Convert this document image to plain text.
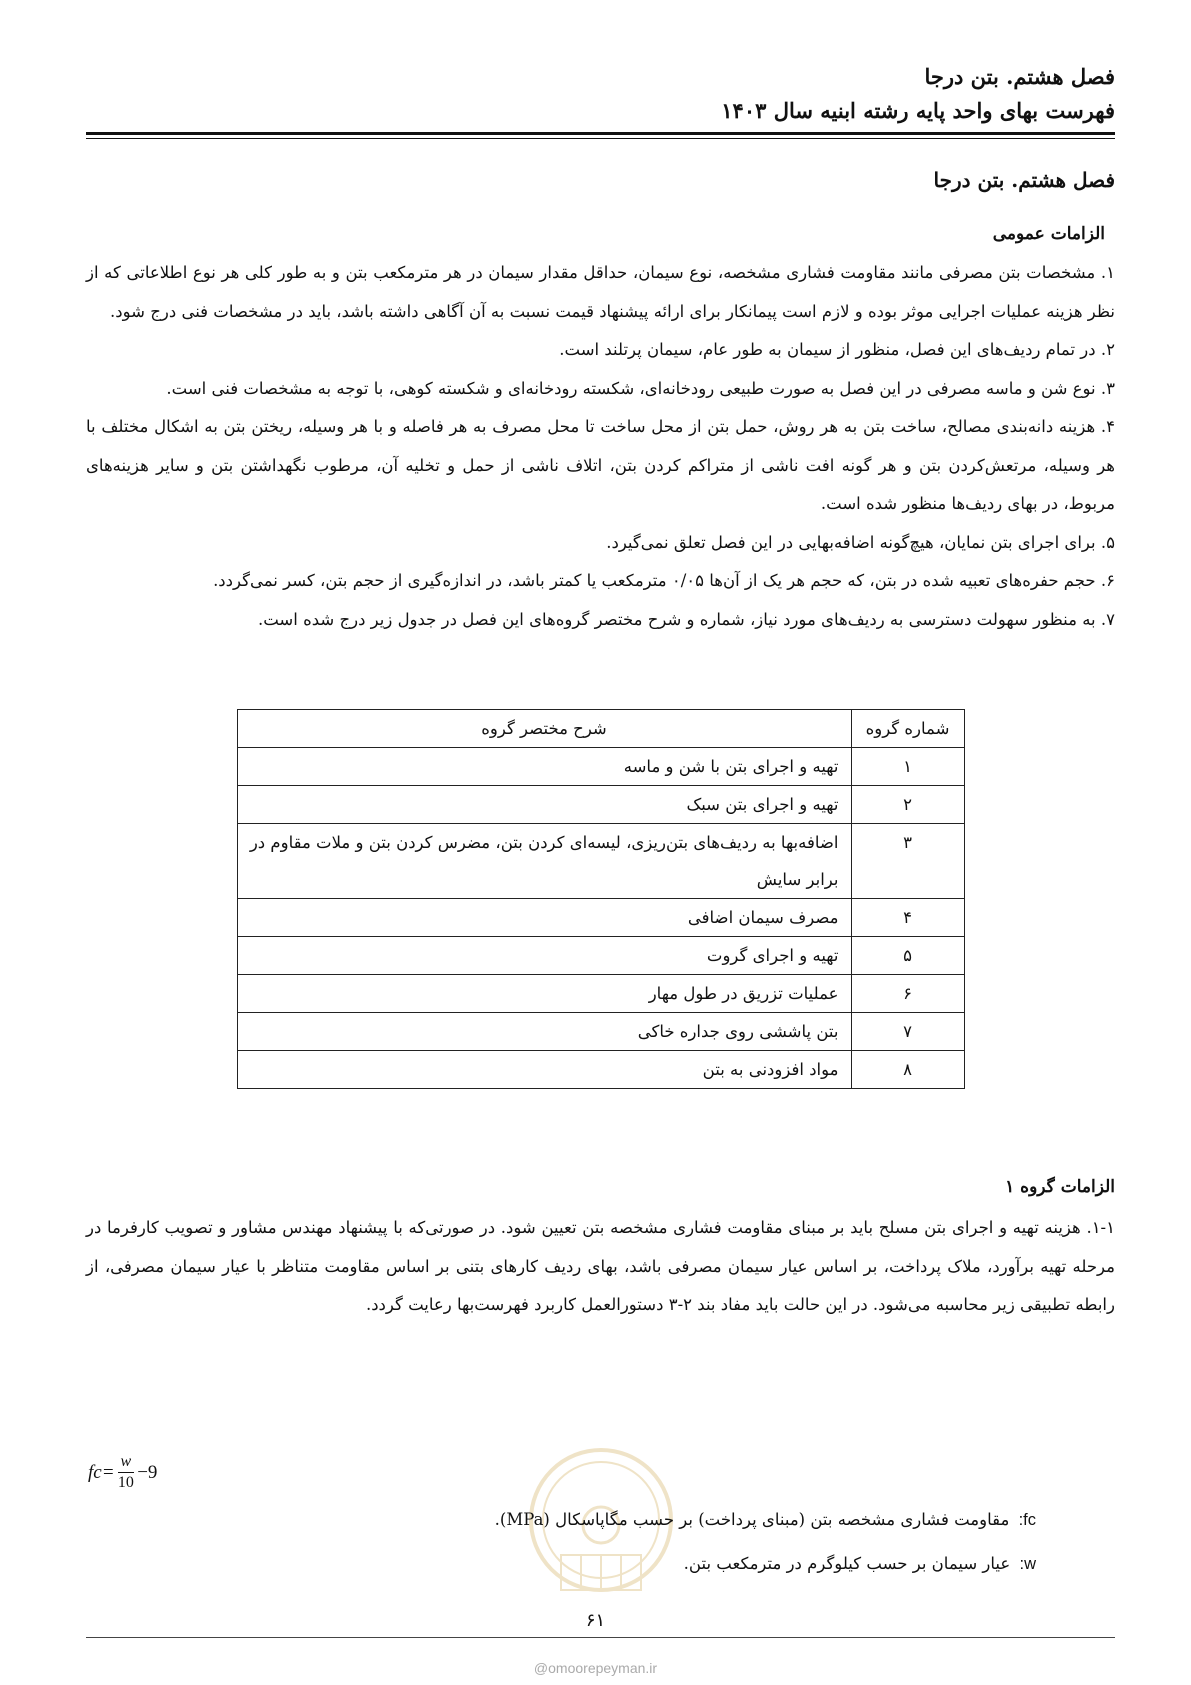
فصل هشتم. بتن درجا
فهرست بهای واحد پایه رشته ابنیه سال ۱۴۰۳
فصل هشتم. بتن درجا
الزامات عمومی

۱. مشخصات بتن مصرفی مانند مقاومت فشاری مشخصه، نوع سیمان، حداقل مقدار سیمان در هر مترمکعب بتن و به طور کلی هر نوع اطلاعاتی که از نظر هزینه عملیات اجرایی موثر بوده و لازم است پیمانکار برای ارائه پیشنهاد قیمت نسبت به آن آگاهی داشته باشد، باید در مشخصات فنی درج شود.

۲. در تمام ردیف‌های این فصل، منظور از سیمان به طور عام، سیمان پرتلند است.

۳. نوع شن و ماسه مصرفی در این فصل به صورت طبیعی رودخانه‌ای، شکسته رودخانه‌ای و شکسته کوهی، با توجه به مشخصات فنی است.

۴. هزینه دانه‌بندی مصالح، ساخت بتن به هر روش، حمل بتن از محل ساخت تا محل مصرف به هر فاصله و با هر وسیله، ریختن بتن به اشکال مختلف با هر وسیله، مرتعش‌کردن بتن و هر گونه افت ناشی از متراکم کردن بتن، اتلاف ناشی از حمل و تخلیه آن، مرطوب نگهداشتن بتن و سایر هزینه‌های مربوط، در بهای ردیف‌ها منظور شده است.

۵. برای اجرای بتن نمایان، هیچ‌گونه اضافه‌بهایی در این فصل تعلق نمی‌گیرد.

۶. حجم حفره‌های تعبیه شده در بتن، که حجم هر یک از آن‌ها ۰/۰۵ مترمکعب یا کمتر باشد، در اندازه‌گیری از حجم بتن، کسر نمی‌گردد.

۷. به منظور سهولت دسترسی به ردیف‌های مورد نیاز، شماره و شرح مختصر گروه‌های این فصل در جدول زیر درج شده است.

شماره گروه	شرح مختصر گروه
۱	تهیه و اجرای بتن با شن و ماسه
۲	تهیه و اجرای بتن سبک
۳	اضافه‌بها به ردیف‌های بتن‌ریزی، لیسه‌ای کردن بتن، مضرس کردن بتن و ملات مقاوم در برابر سایش
۴	مصرف سیمان اضافی
۵	تهیه و اجرای گروت
۶	عملیات تزریق در طول مهار
۷	بتن پاششی روی جداره خاکی
۸	مواد افزودنی به بتن
الزامات گروه ۱

۱-۱. هزینه تهیه و اجرای بتن مسلح باید بر مبنای مقاومت فشاری مشخصه بتن تعیین شود. در صورتی‌که با پیشنهاد مهندس مشاور و تصویب کارفرما در مرحله تهیه برآورد، ملاک پرداخت، بر اساس عیار سیمان مصرفی باشد، بهای ردیف کارهای بتنی بر اساس مقاومت متناظر با عیار سیمان مصرفی، از رابطه تطبیقی زیر محاسبه می‌شود. در این حالت باید مفاد بند ۲-۳ دستورالعمل کاربرد فهرست‌بها رعایت گردد.

fc = $\frac{w}{10} -9$
fc: مقاومت فشاری مشخصه بتن (مبنای پرداخت) بر حسب مگاپاسکال (MPa).
w: عیار سیمان بر حسب کیلوگرم در مترمکعب بتن.
۶۱
@omoorepeyman.ir
